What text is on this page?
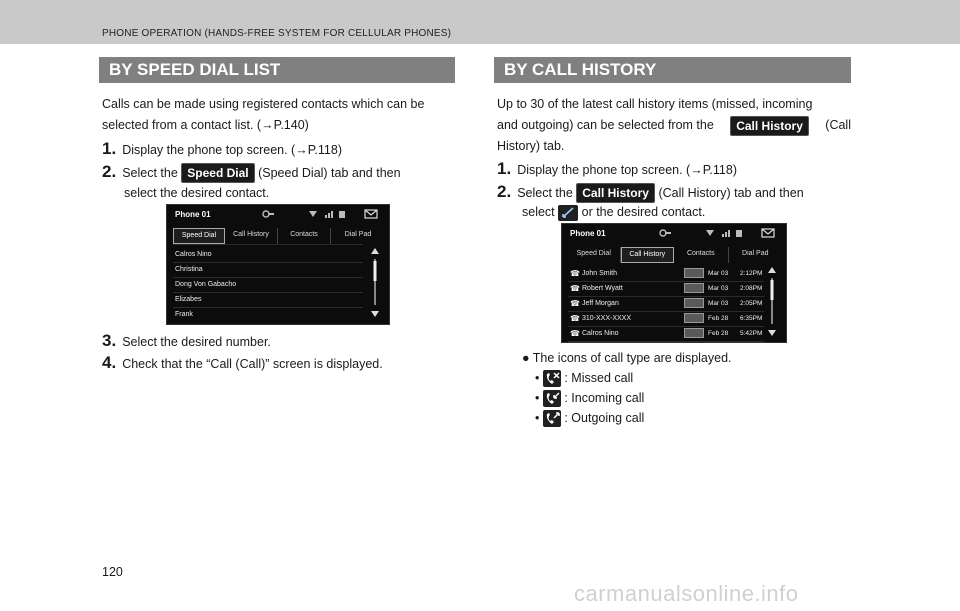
PHONE OPERATION (HANDS-FREE SYSTEM FOR CELLULAR PHONES)
BY SPEED DIAL LIST
Calls can be made using registered contacts which can be
selected from a contact list. (→P.140)
1. Display the phone top screen. (→P.118)
2. Select the Speed Dial (Speed Dial) tab and then
select the desired contact.
Phone 01
Speed Dial	Call History	Contacts	Dial Pad
Calros Nino
Christina
Dong Von Gabacho
Elizabes
Frank
3. Select the desired number.
4. Check that the “Call (Call)” screen is displayed.
BY CALL HISTORY
Up to 30 of the latest call history items (missed, incoming
and outgoing) can be selected from the	Call History	(Call
History) tab.
1. Display the phone top screen. (→P.118)
2. Select the Call History (Call History) tab and then
select or the desired contact.
Phone 01
Speed Dial	Call History	Contacts	Dial Pad
☎ John Smith	Mar 03 2:12PM
☎ Robert Wyatt	Mar 03 2:08PM
☎ Jeff Morgan	Mar 03 2:05PM
☎ 310-XXX-XXXX	Feb 28 6:35PM
☎ Calros Nino	Feb 28 5:42PM
● The icons of call type are displayed.
• : Missed call
• : Incoming call
• : Outgoing call
120
carmanualsonline.info
